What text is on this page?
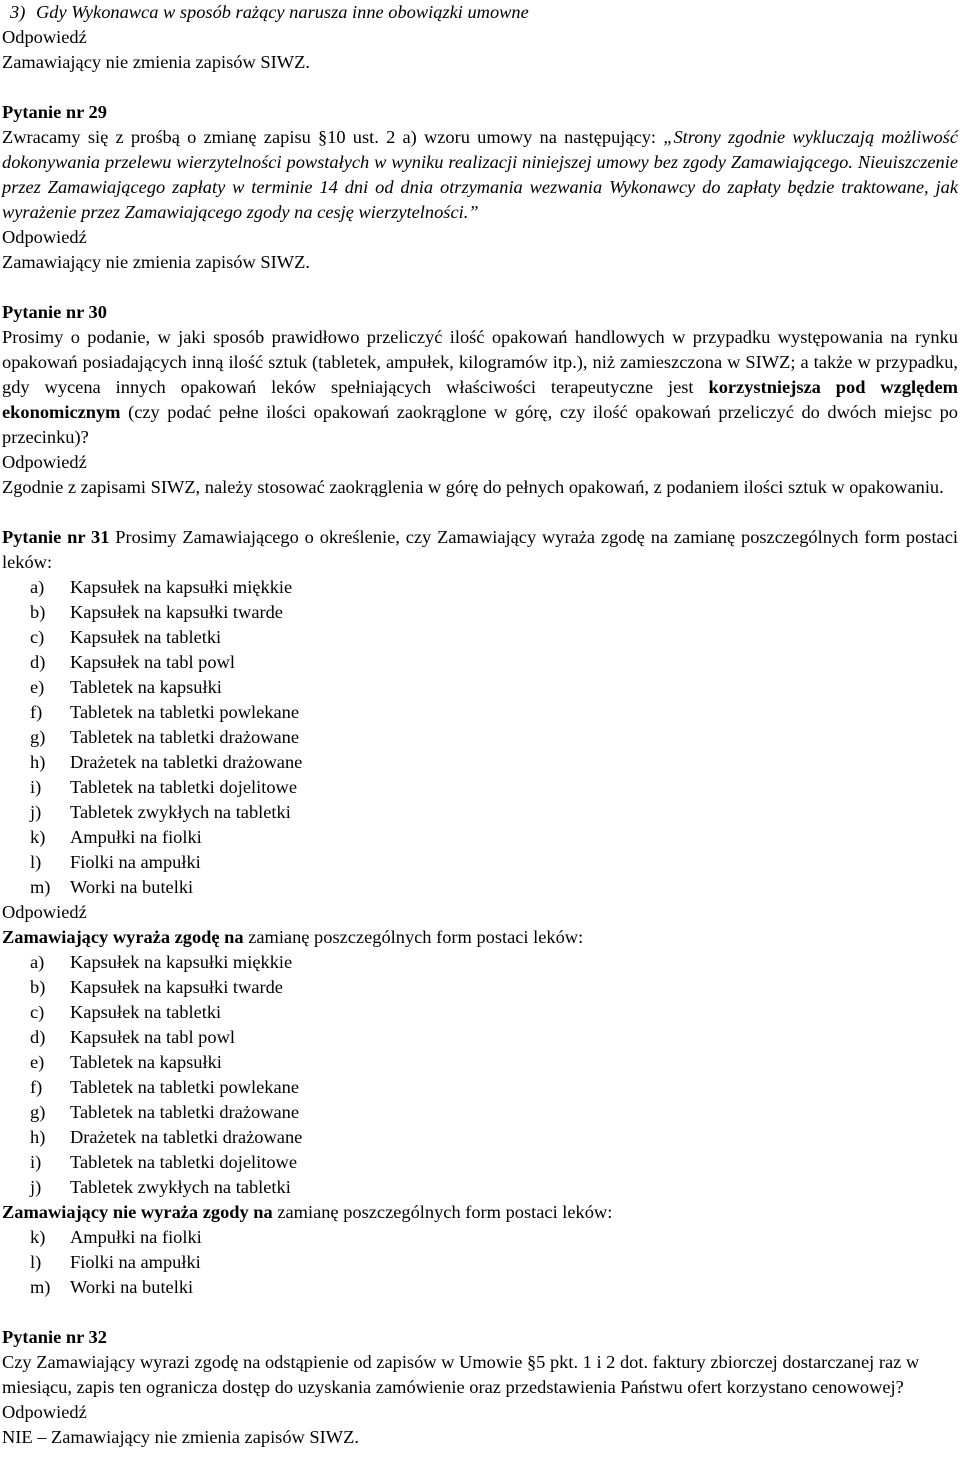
3) Gdy Wykonawca w sposób rażący narusza inne obowiązki umowne

Odpowiedź

Zamawiający nie zmienia zapisów SIWZ.

Pytanie nr 29

Zwracamy się z prośbą o zmianę zapisu §10 ust. 2 a) wzoru umowy na następujący: „Strony zgodnie wykluczają możliwość dokonywania przelewu wierzytelności powstałych w wyniku realizacji niniejszej umowy bez zgody Zamawiającego. Nieuiszczenie przez Zamawiającego zapłaty w terminie 14 dni od dnia otrzymania wezwania Wykonawcy do zapłaty będzie traktowane, jak wyrażenie przez Zamawiającego zgody na cesję wierzytelności.”

Odpowiedź

Zamawiający nie zmienia zapisów SIWZ.

Pytanie nr 30

Prosimy o podanie, w jaki sposób prawidłowo przeliczyć ilość opakowań handlowych w przypadku występowania na rynku opakowań posiadających inną ilość sztuk (tabletek, ampułek, kilogramów itp.), niż zamieszczona w SIWZ; a także w przypadku, gdy wycena innych opakowań leków spełniających właściwości terapeutyczne jest korzystniejsza pod względem ekonomicznym (czy podać pełne ilości opakowań zaokrąglone w górę, czy ilość opakowań przeliczyć do dwóch miejsc po przecinku)?

Odpowiedź

Zgodnie z zapisami SIWZ, należy stosować zaokrąglenia w górę do pełnych opakowań, z podaniem ilości sztuk w opakowaniu.

Pytanie nr 31 Prosimy Zamawiającego o określenie, czy Zamawiający wyraża zgodę na zamianę poszczególnych form postaci leków:

a) Kapsułek na kapsułki miękkie
b) Kapsułek na kapsułki twarde
c) Kapsułek na tabletki
d) Kapsułek na tabl powl
e) Tabletek na kapsułki
f) Tabletek na tabletki powlekane
g) Tabletek na tabletki drażowane
h) Drażetek na tabletki drażowane
i) Tabletek na tabletki dojelitowe
j) Tabletek zwykłych na tabletki
k) Ampułki na fiolki
l) Fiolki na ampułki
m) Worki na butelki

Odpowiedź

Zamawiający wyraża zgodę na zamianę poszczególnych form postaci leków:

a) Kapsułek na kapsułki miękkie
b) Kapsułek na kapsułki twarde
c) Kapsułek na tabletki
d) Kapsułek na tabl powl
e) Tabletek na kapsułki
f) Tabletek na tabletki powlekane
g) Tabletek na tabletki drażowane
h) Drażetek na tabletki drażowane
i) Tabletek na tabletki dojelitowe
j) Tabletek zwykłych na tabletki

Zamawiający nie wyraża zgody na zamianę poszczególnych form postaci leków:

k) Ampułki na fiolki
l) Fiolki na ampułki
m) Worki na butelki

Pytanie nr 32

Czy Zamawiający wyrazi zgodę na odstąpienie od zapisów w Umowie §5 pkt. 1 i 2 dot. faktury zbiorczej dostarczanej raz w miesiącu, zapis ten ogranicza dostęp do uzyskania zamówienie oraz przedstawienia Państwu ofert korzystano cenowowej?

Odpowiedź

NIE – Zamawiający nie zmienia zapisów SIWZ.
